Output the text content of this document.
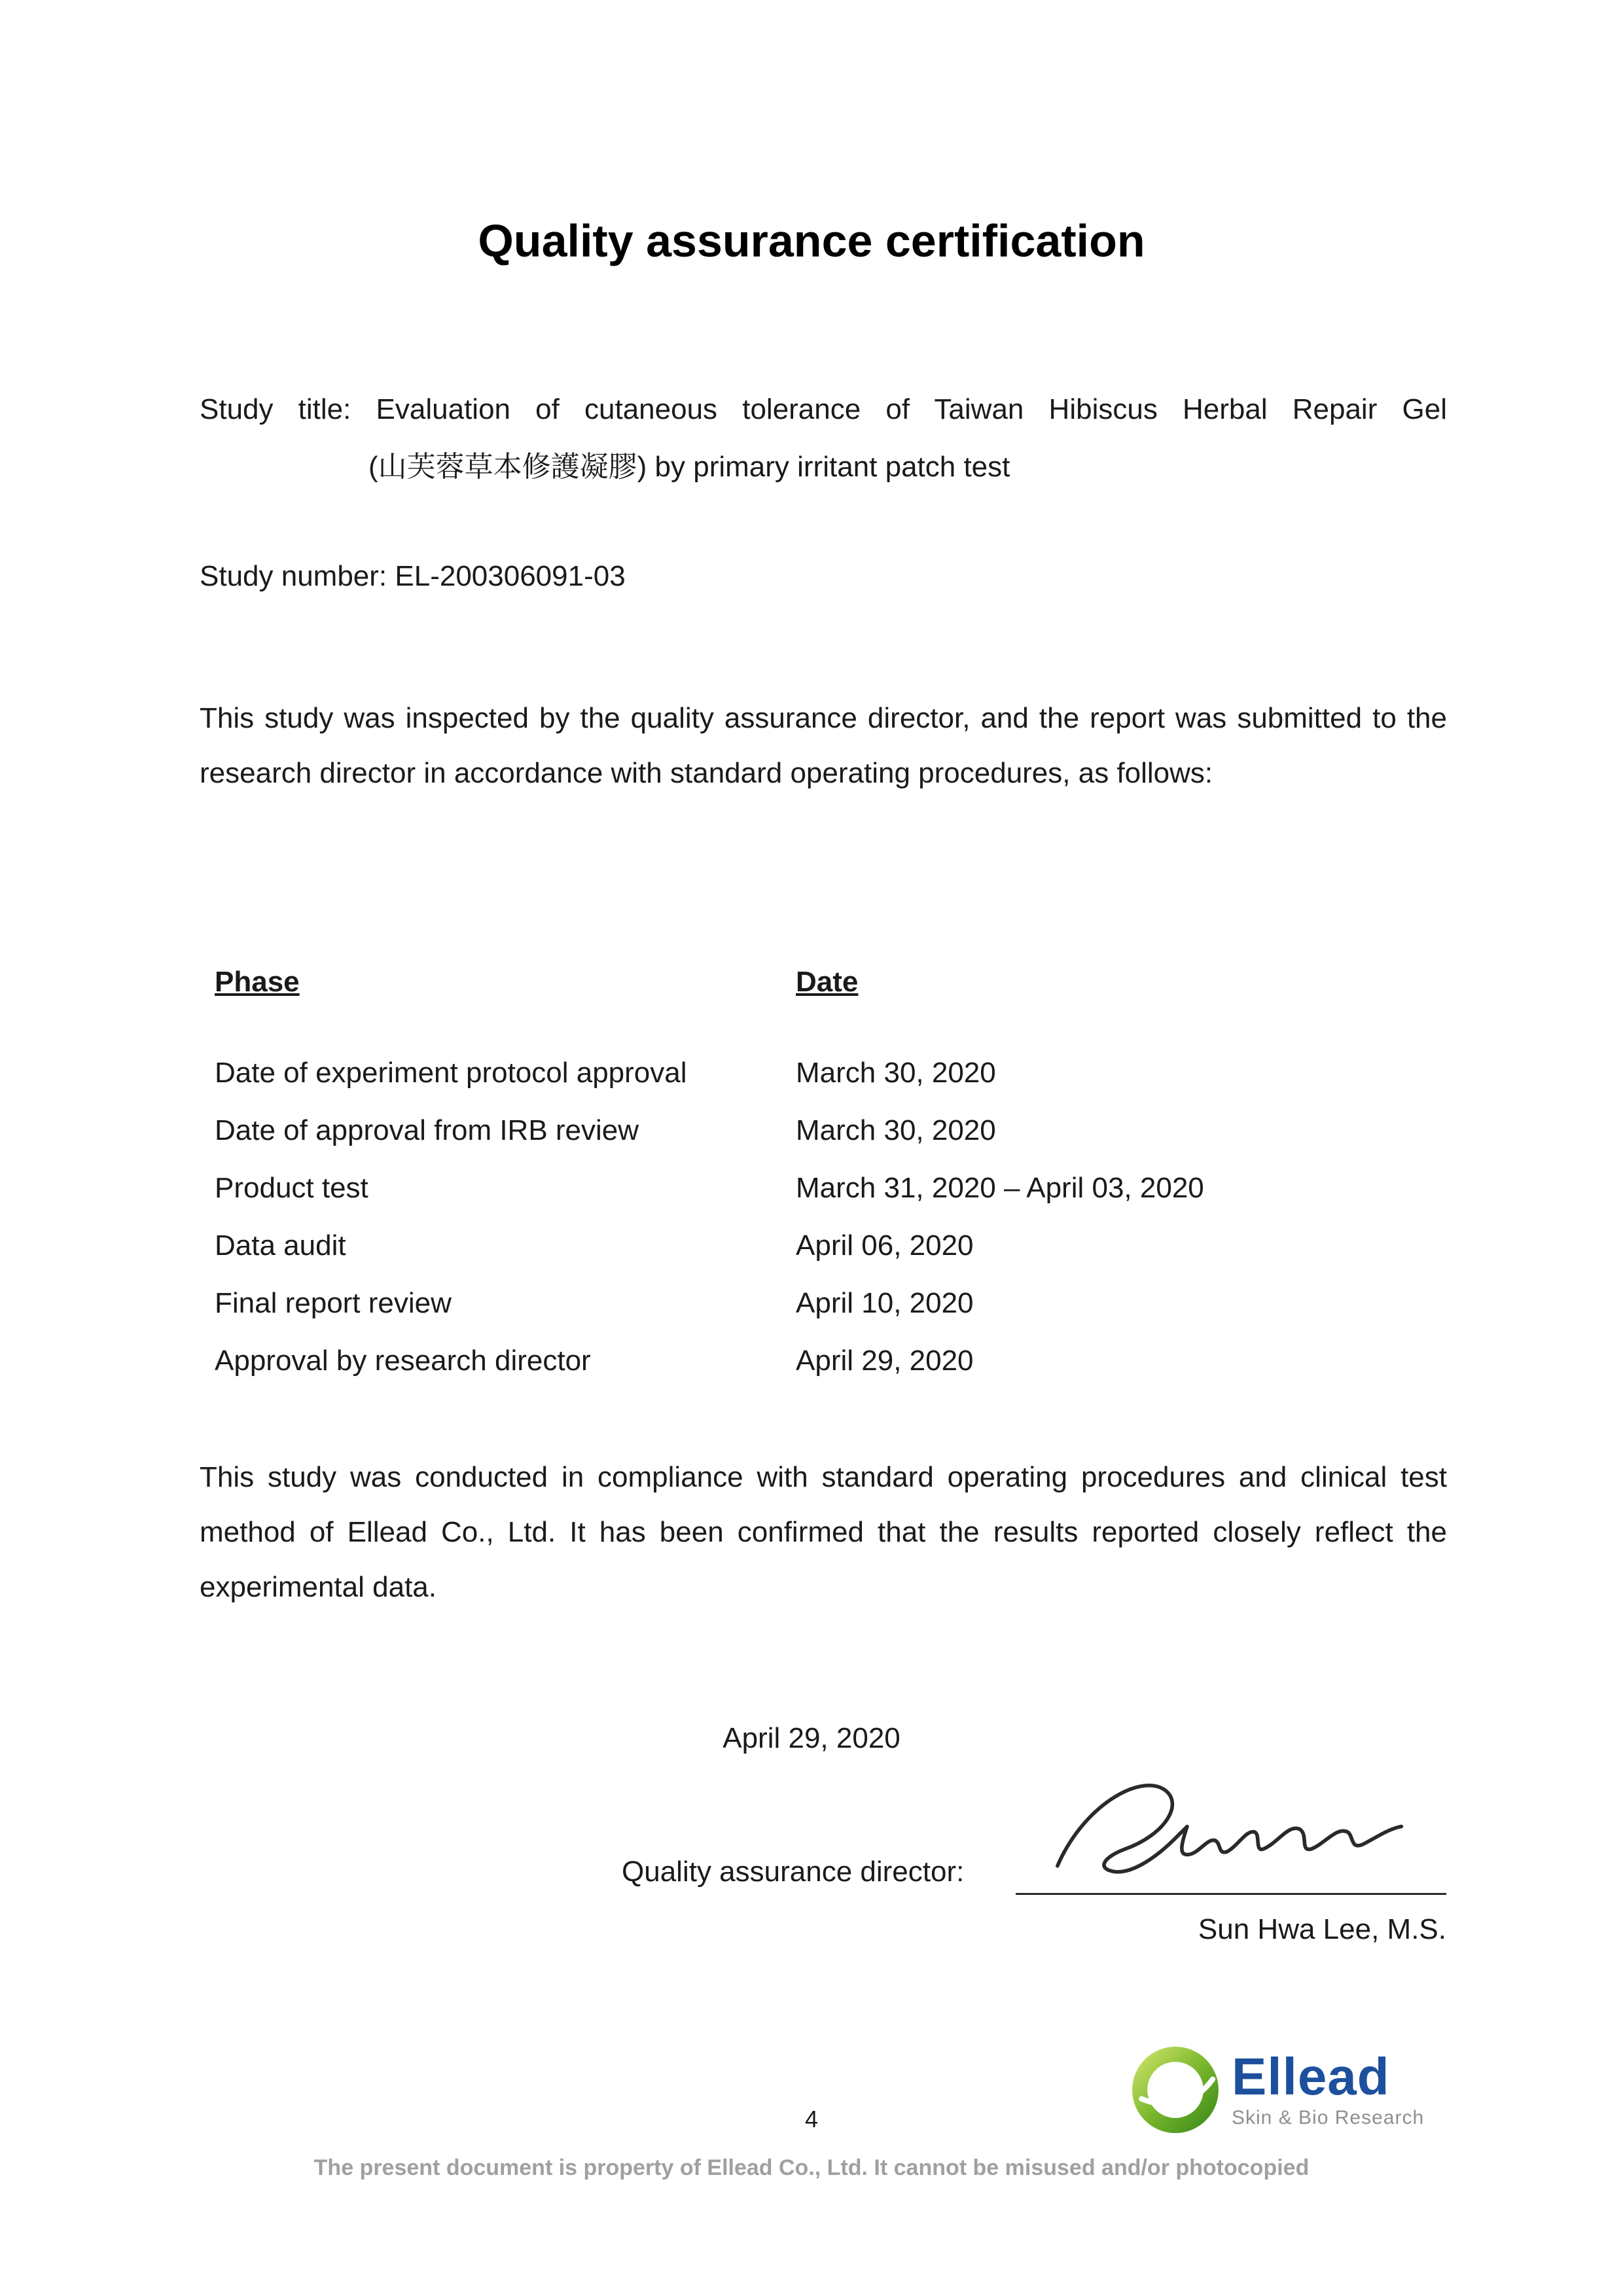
Quality assurance certification
Study title: Evaluation of cutaneous tolerance of Taiwan Hibiscus Herbal Repair Gel
(山芙蓉草本修護凝膠) by primary irritant patch test
Study number: EL-200306091-03

This study was inspected by the quality assurance director, and the report was submitted to the research director in accordance with standard operating procedures, as follows:

Phase	Date
Date of experiment protocol approval	March 30, 2020
Date of approval from IRB review	March 30, 2020
Product test	March 31, 2020 – April 03, 2020
Data audit	April 06, 2020
Final report review	April 10, 2020
Approval by research director	April 29, 2020

This study was conducted in compliance with standard operating procedures and clinical test method of Ellead Co., Ltd. It has been confirmed that the results reported closely reflect the experimental data.

April 29, 2020
Quality assurance director:
Sun Hwa Lee, M.S.
4
Ellead
Skin & Bio Research
The present document is property of Ellead Co., Ltd. It cannot be misused and/or photocopied
